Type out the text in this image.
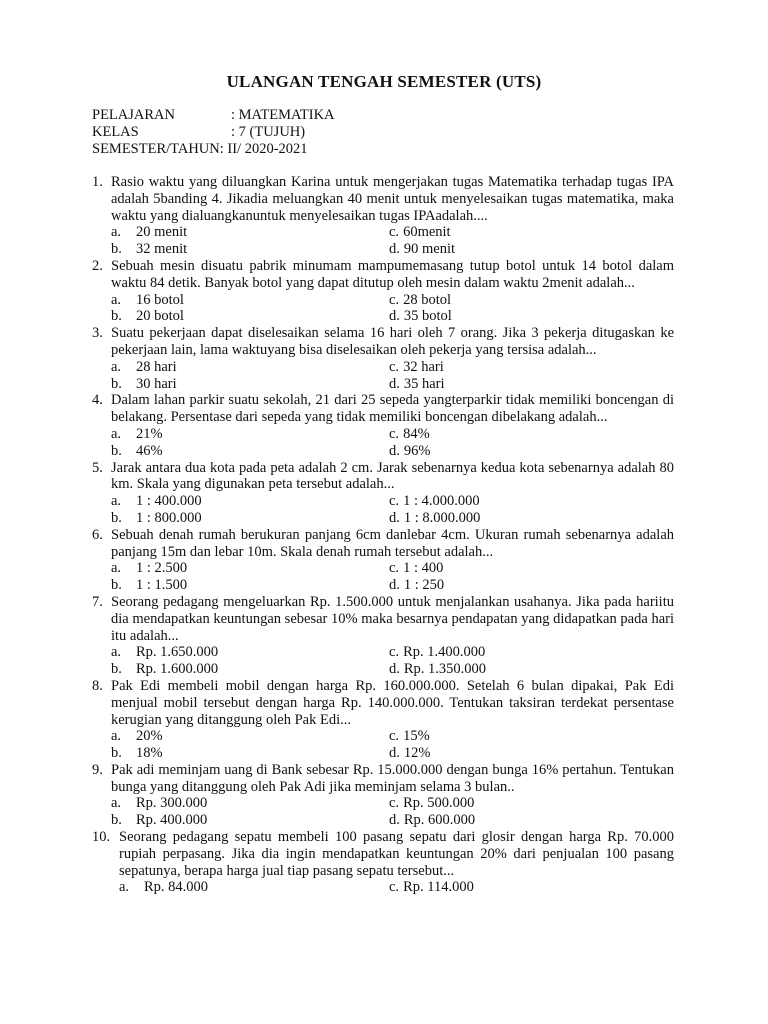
ULANGAN TENGAH SEMESTER (UTS)
PELAJARAN	: MATEMATIKA
KELAS	: 7 (TUJUH)
SEMESTER/TAHUN : II/ 2020-2021
1. Rasio waktu yang diluangkan Karina untuk mengerjakan tugas Matematika terhadap tugas IPA adalah 5banding 4. Jikadia meluangkan 40 menit untuk menyelesaikan tugas matematika, maka waktu yang dialuangkanuntuk menyelesaikan tugas IPAadalah....
a.	20 menit	c. 60menit
b. 32 menit	d. 90 menit
2. Sebuah mesin disuatu pabrik minumam mampumemasang tutup botol untuk 14 botol dalam waktu 84 detik. Banyak botol yang dapat ditutup oleh mesin dalam waktu 2menit adalah...
a.	16 botol	c. 28 botol
b. 20 botol	d. 35 botol
3. Suatu pekerjaan dapat diselesaikan selama 16 hari oleh 7 orang. Jika 3 pekerja ditugaskan ke pekerjaan lain, lama waktuyang bisa diselesaikan oleh pekerja yang tersisa adalah...
a.	28 hari	c. 32 hari
b. 30 hari	d. 35 hari
4. Dalam lahan parkir suatu sekolah, 21 dari 25 sepeda yangterparkir tidak memiliki boncengan di belakang. Persentase dari sepeda yang tidak memiliki boncengan dibelakang adalah...
a.	21%	c. 84%
b. 46%	d. 96%
5. Jarak antara dua kota pada peta adalah 2 cm. Jarak sebenarnya kedua kota sebenarnya adalah 80 km. Skala yang digunakan peta tersebut adalah...
a.	1 : 400.000	c. 1 : 4.000.000
b. 1 : 800.000	d. 1 : 8.000.000
6. Sebuah denah rumah berukuran panjang 6cm danlebar 4cm. Ukuran rumah sebenarnya adalah panjang 15m dan lebar 10m. Skala denah rumah tersebut adalah...
a.	1 : 2.500	c. 1 : 400
b. 1 : 1.500	d. 1 : 250
7. Seorang pedagang mengeluarkan Rp. 1.500.000 untuk menjalankan usahanya. Jika pada hariitu dia mendapatkan keuntungan sebesar 10% maka besarnya pendapatan yang didapatkan pada hari itu adalah...
a.	Rp. 1.650.000	c. Rp. 1.400.000
b. Rp. 1.600.000	d. Rp. 1.350.000
8. Pak Edi membeli mobil dengan harga Rp. 160.000.000. Setelah 6 bulan dipakai, Pak Edi menjual mobil tersebut dengan harga Rp. 140.000.000. Tentukan taksiran terdekat persentase kerugian yang ditanggung oleh Pak Edi...
a.	20%	c. 15%
b. 18%	d. 12%
9. Pak adi meminjam uang di Bank sebesar Rp. 15.000.000 dengan bunga 16% pertahun. Tentukan bunga yang ditanggung oleh Pak Adi jika meminjam selama 3 bulan..
a.	Rp. 300.000	c. Rp. 500.000
b. Rp. 400.000	d. Rp. 600.000
10. Seorang pedagang sepatu membeli 100 pasang sepatu dari glosir dengan harga Rp. 70.000 rupiah perpasang. Jika dia ingin mendapatkan keuntungan 20% dari penjualan 100 pasang sepatunya, berapa harga jual tiap pasang sepatu tersebut...
a.	Rp. 84.000	c. Rp. 114.000
